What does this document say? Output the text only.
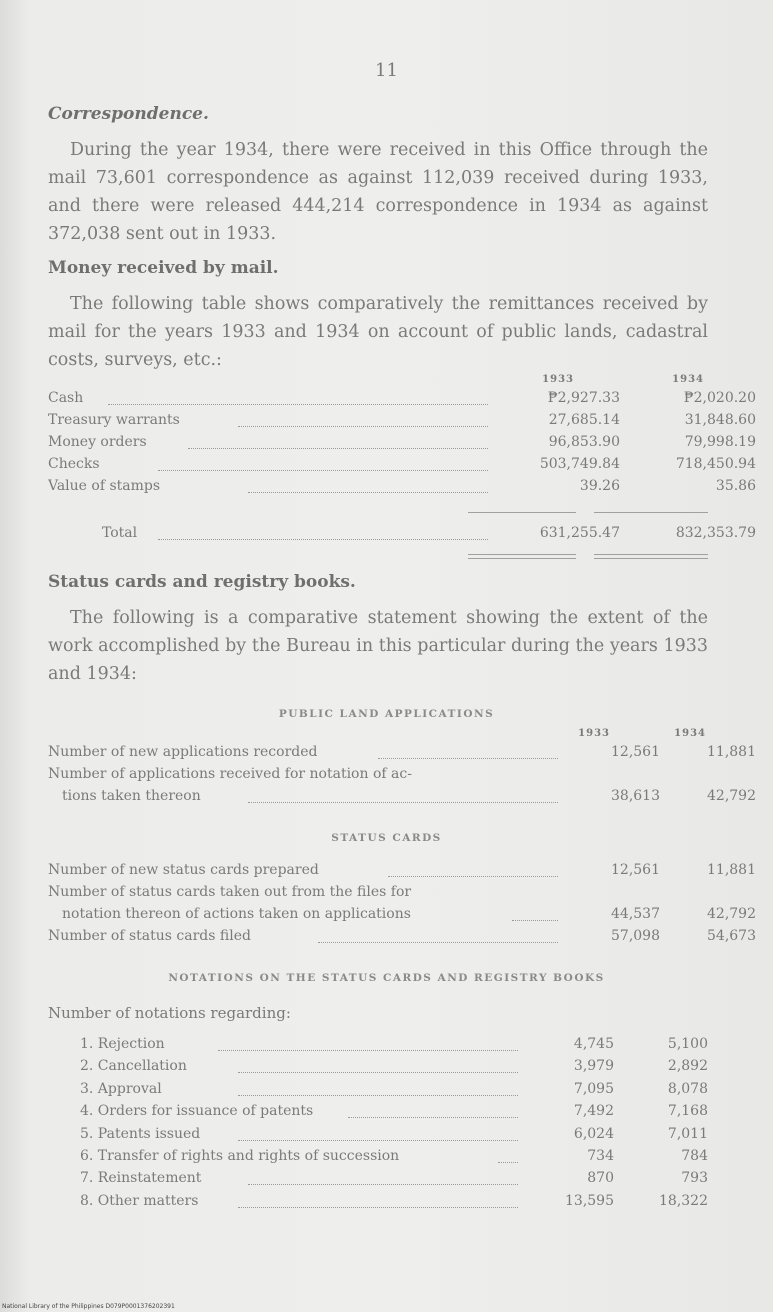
11
Correspondence.
During the year 1934, there were received in this Office through the mail 73,601 correspondence as against 112,039 received during 1933, and there were released 444,214 correspondence in 1934 as against 372,038 sent out in 1933.
Money received by mail.
The following table shows comparatively the remittances received by mail for the years 1933 and 1934 on account of public lands, cadastral costs, surveys, etc.:
1933	1934
Cash	₱2,927.33	₱2,020.20
Treasury warrants	27,685.14	31,848.60
Money orders	96,853.90	79,998.19
Checks	503,749.84	718,450.94
Value of stamps	39.26	35.86
Total	631,255.47	832,353.79
Status cards and registry books.
The following is a comparative statement showing the extent of the work accomplished by the Bureau in this particular during the years 1933 and 1934:
PUBLIC LAND APPLICATIONS
1933	1934
Number of new applications recorded	12,561	11,881
Number of applications received for notation of ac-
tions taken thereon	38,613	42,792
STATUS CARDS
Number of new status cards prepared	12,561	11,881
Number of status cards taken out from the files for
notation thereon of actions taken on applications	44,537	42,792
Number of status cards filed	57,098	54,673
NOTATIONS ON THE STATUS CARDS AND REGISTRY BOOKS
Number of notations regarding:
1. Rejection	4,745	5,100
2. Cancellation	3,979	2,892
3. Approval	7,095	8,078
4. Orders for issuance of patents	7,492	7,168
5. Patents issued	6,024	7,011
6. Transfer of rights and rights of succession	734	784
7. Reinstatement	870	793
8. Other matters	13,595	18,322
National Library of the Philippines D079P0001376202391
